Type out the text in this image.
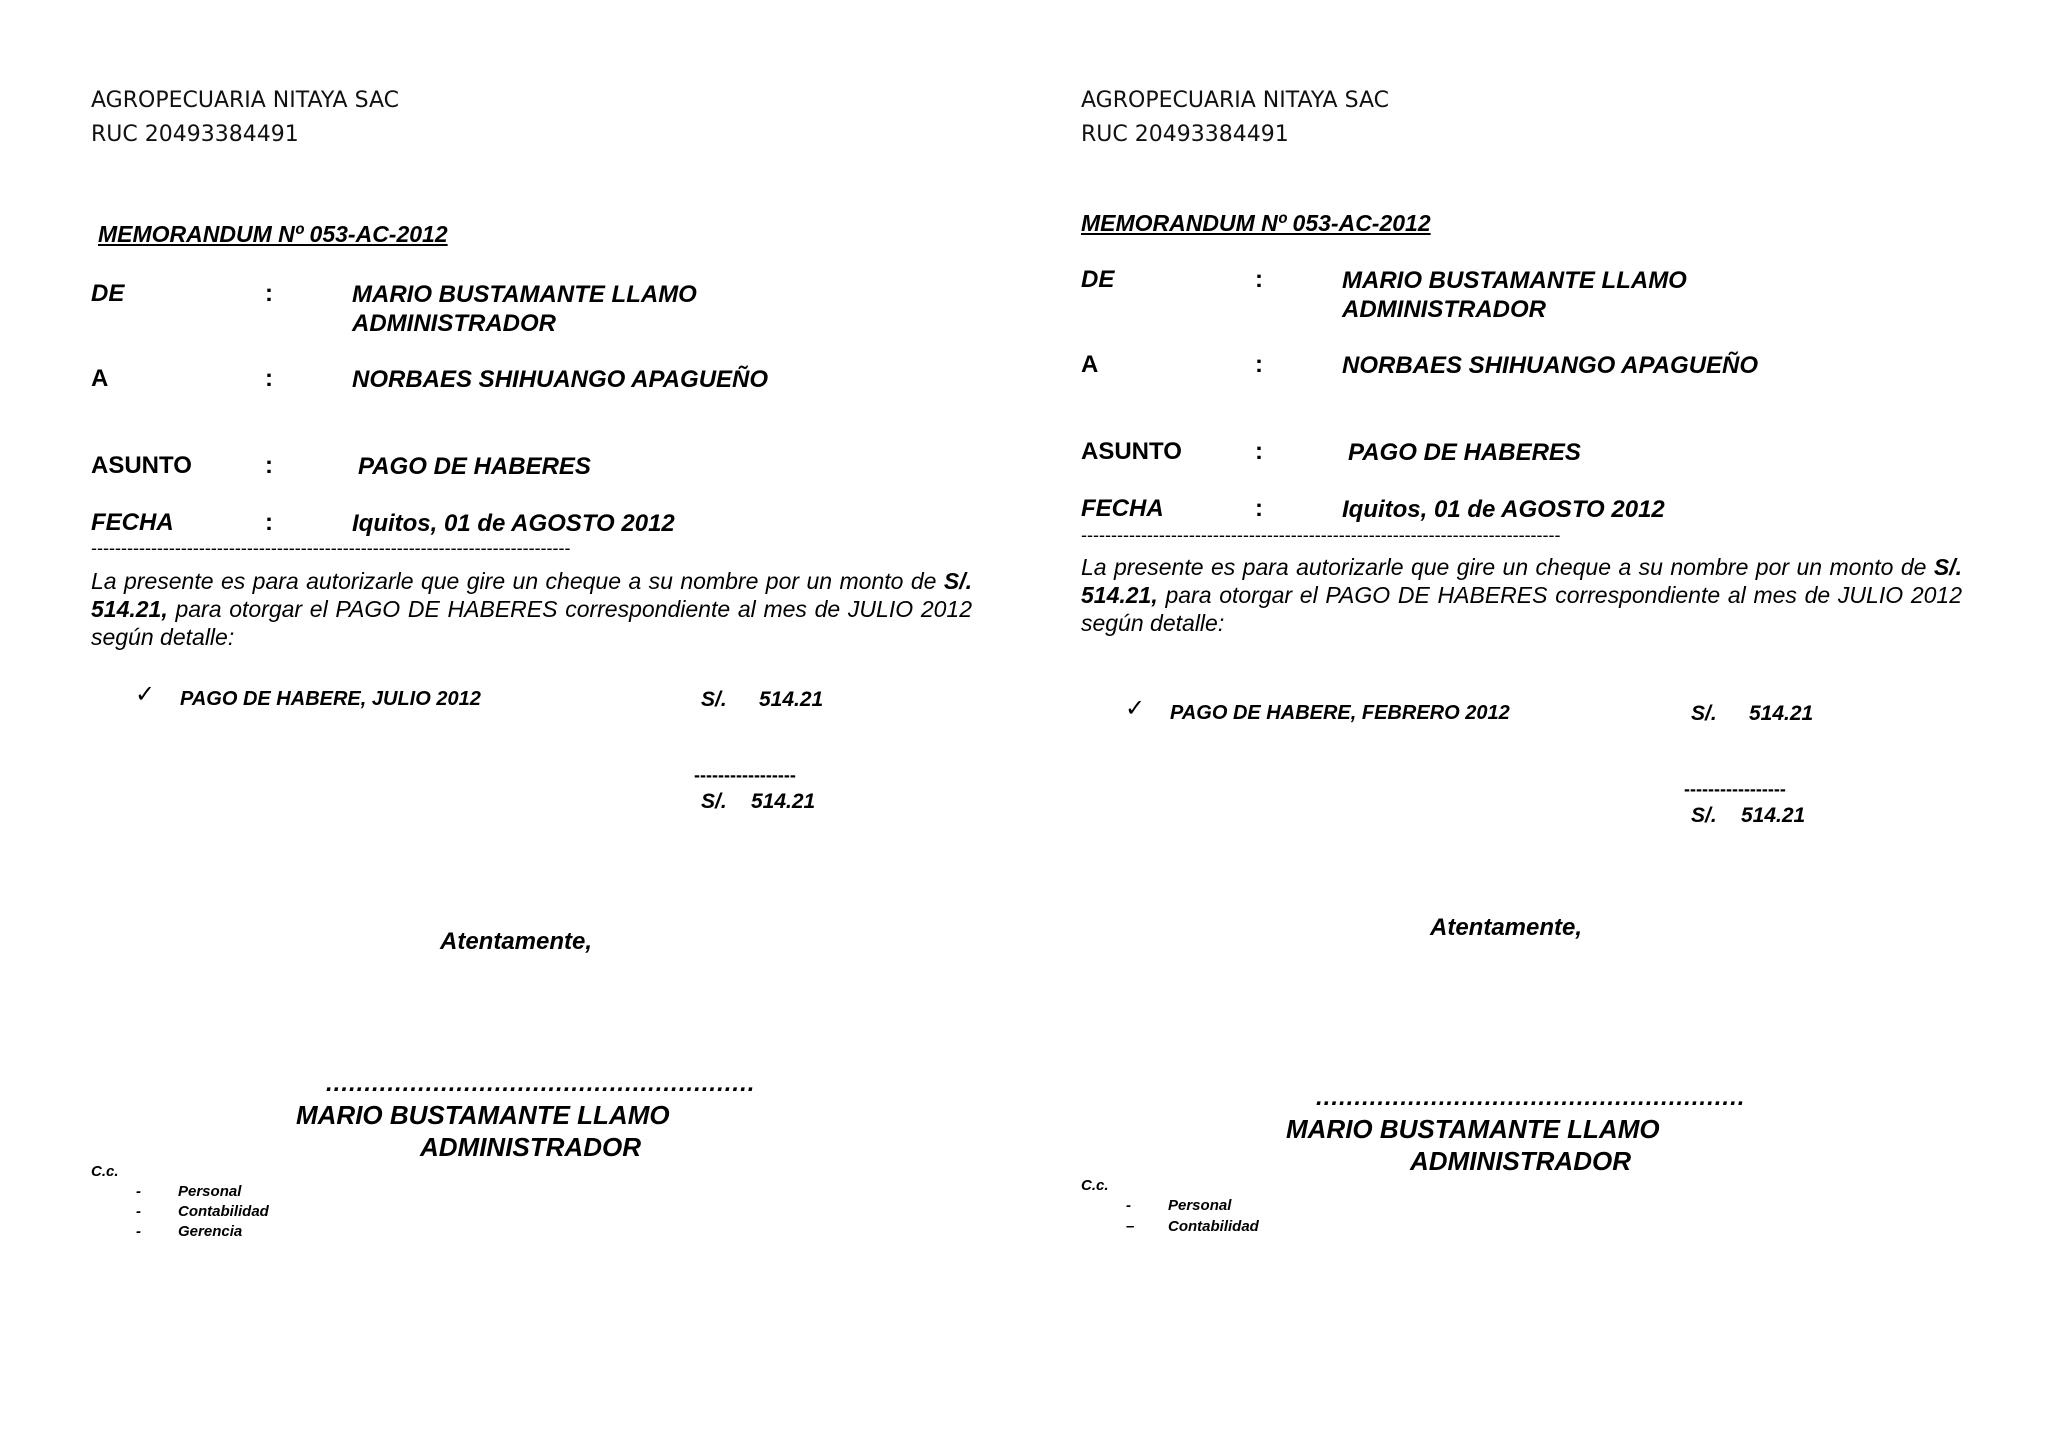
AGROPECUARIA NITAYA SAC
RUC 20493384491
MEMORANDUM Nº 053-AC-2012
DE	:	MARIO BUSTAMANTE LLAMO
ADMINISTRADOR
A	:	NORBAES SHIHUANGO APAGUEÑO
ASUNTO	:	PAGO DE HABERES
FECHA	:	Iquitos, 01 de AGOSTO 2012
--------------------------------------------------------------------------------
La presente es para autorizarle que gire un cheque a su nombre por un monto de S/. 514.21, para otorgar el PAGO DE HABERES correspondiente al mes de JULIO 2012 según detalle:
✓ PAGO DE HABERE, JULIO 2012	S/. 514.21
-----------------
S/. 514.21
Atentamente,
........................................................
MARIO BUSTAMANTE LLAMO
ADMINISTRADOR
C.c.
- Personal
- Contabilidad
- Gerencia
AGROPECUARIA NITAYA SAC
RUC 20493384491
MEMORANDUM Nº 053-AC-2012
DE	:	MARIO BUSTAMANTE LLAMO
ADMINISTRADOR
A	:	NORBAES SHIHUANGO APAGUEÑO
ASUNTO	:	PAGO DE HABERES
FECHA	:	Iquitos, 01 de AGOSTO 2012
--------------------------------------------------------------------------------
La presente es para autorizarle que gire un cheque a su nombre por un monto de S/. 514.21, para otorgar el PAGO DE HABERES correspondiente al mes de JULIO 2012 según detalle:
✓ PAGO DE HABERE, FEBRERO 2012	S/. 514.21
-----------------
S/. 514.21
Atentamente,
........................................................
MARIO BUSTAMANTE LLAMO
ADMINISTRADOR
C.c.
- Personal
– Contabilidad
